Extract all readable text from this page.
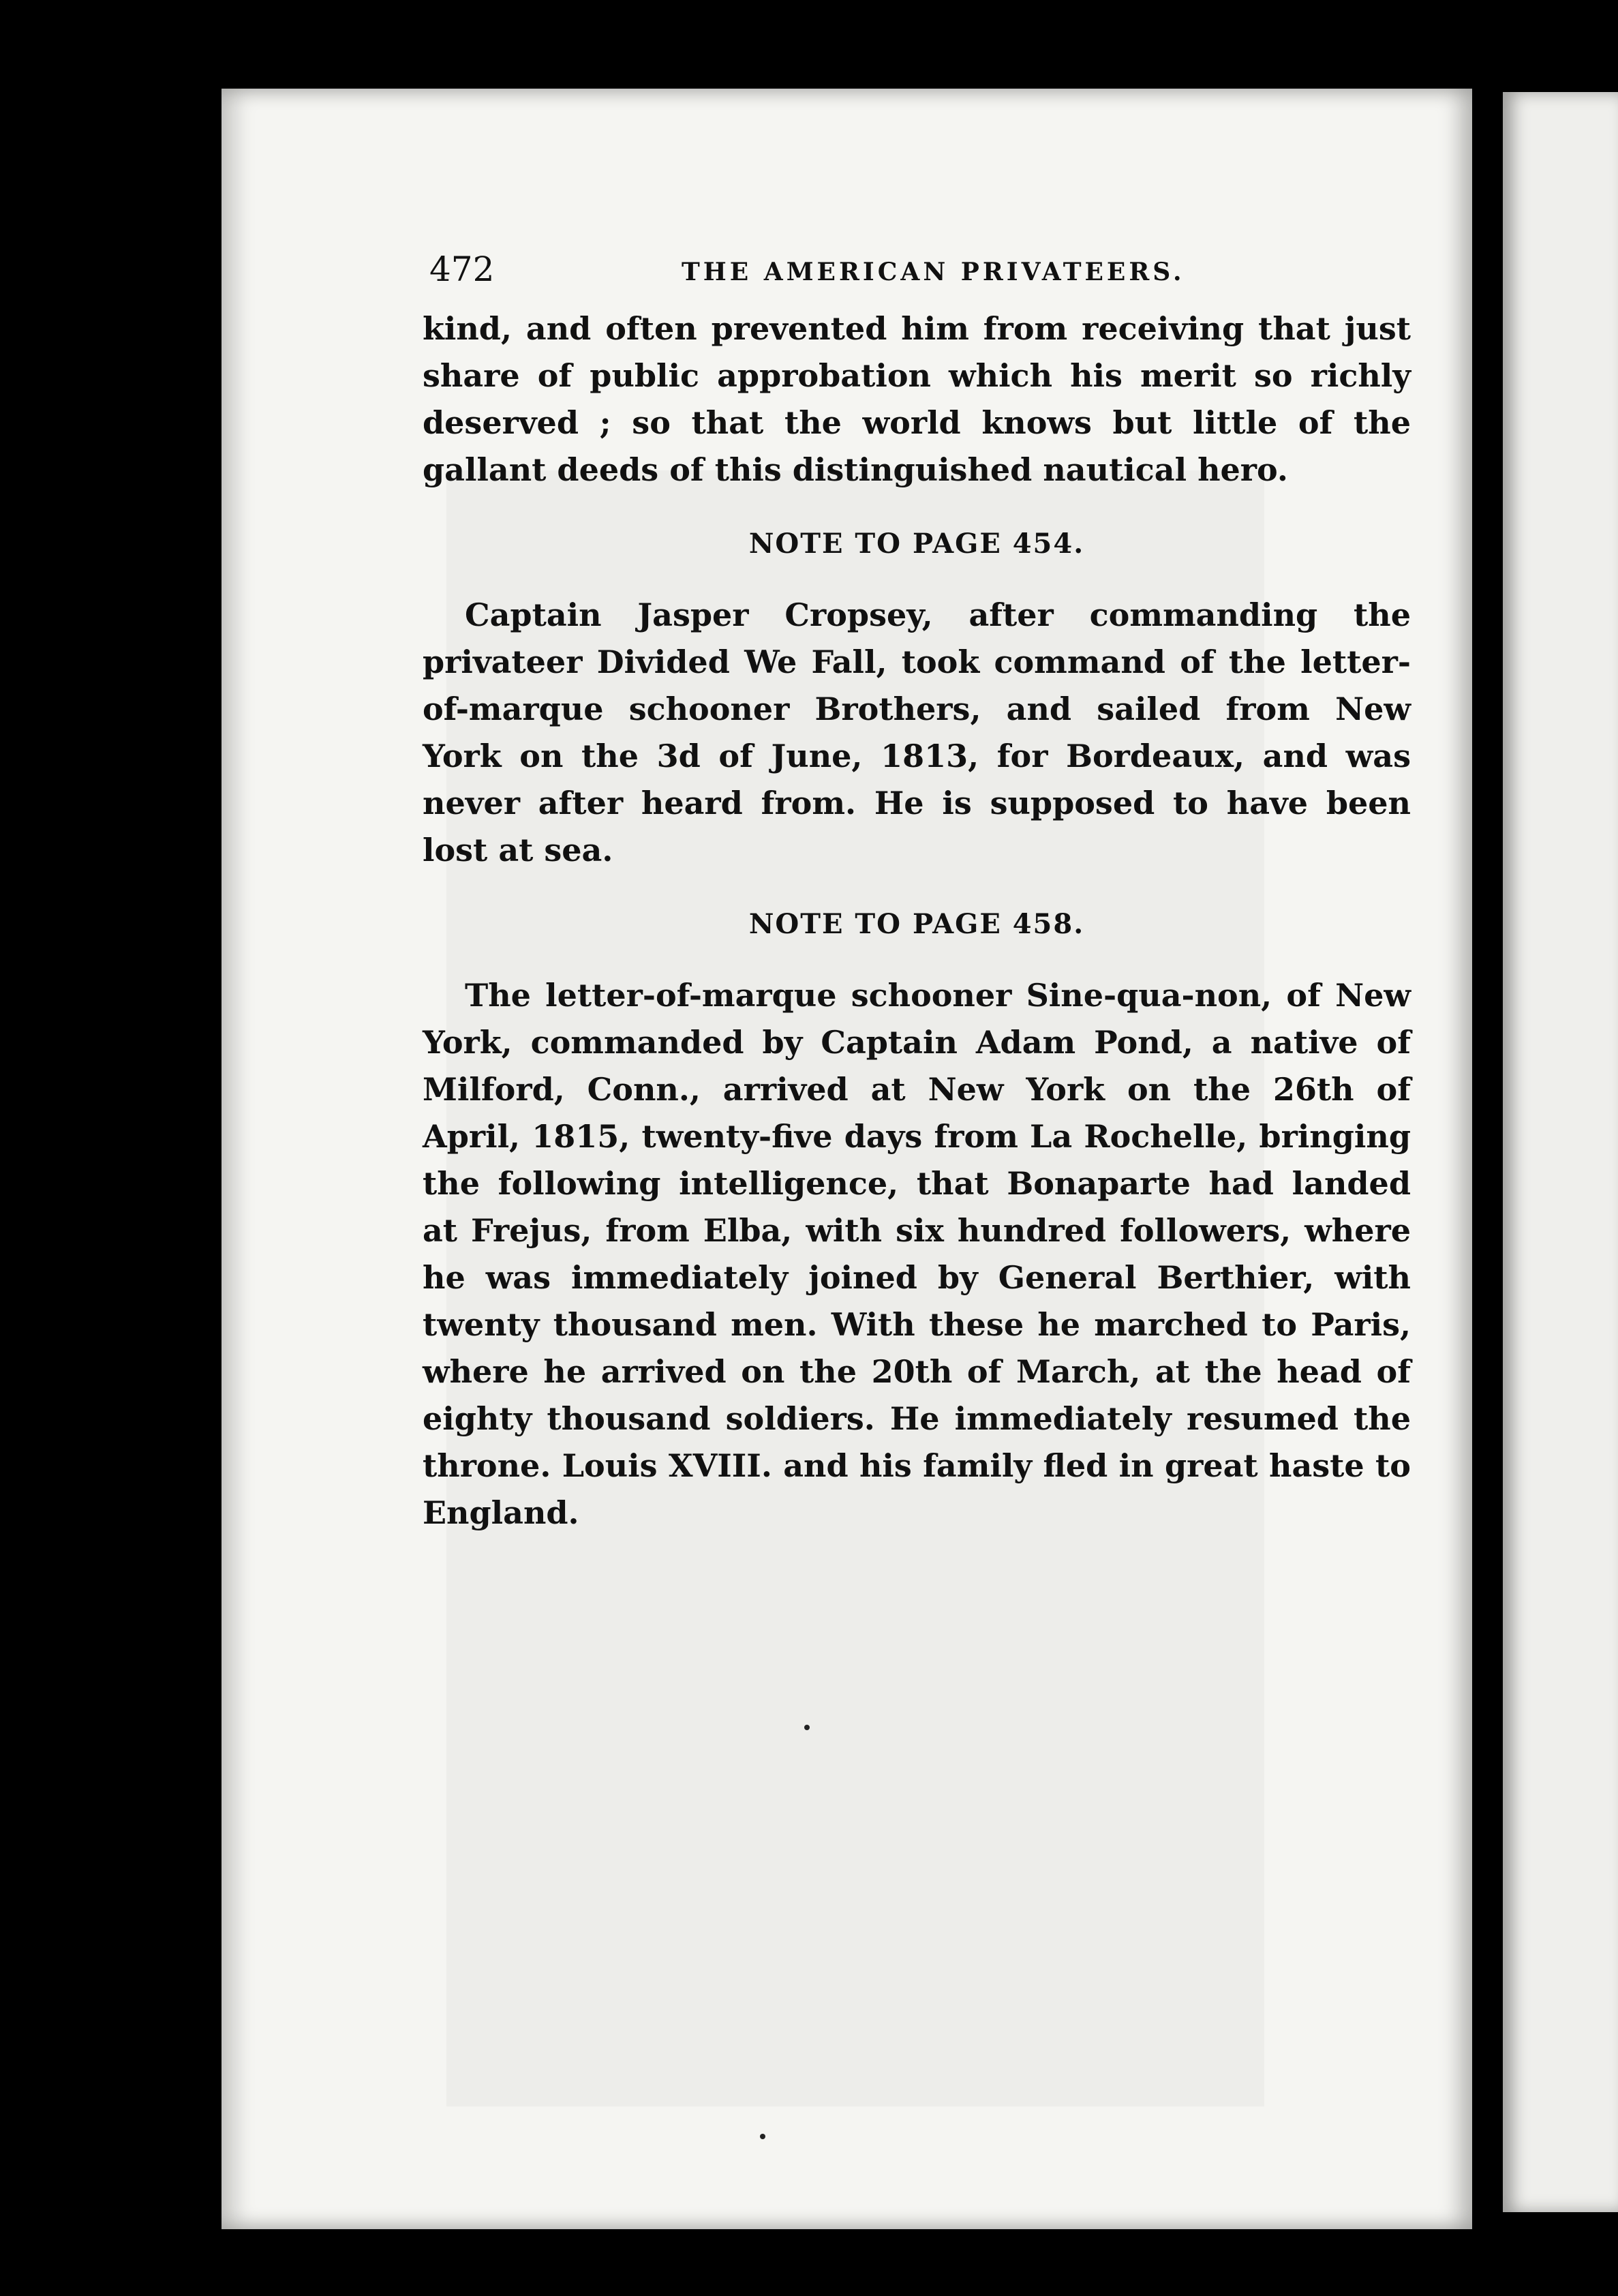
472	THE AMERICAN PRIVATEERS.

kind, and often prevented him from receiving that just share of public approbation which his merit so richly deserved ; so that the world knows but little of the gallant deeds of this distinguished nautical hero.

NOTE TO PAGE 454.

Captain Jasper Cropsey, after commanding the privateer Divided We Fall, took command of the letter-of-marque schooner Brothers, and sailed from New York on the 3d of June, 1813, for Bordeaux, and was never after heard from. He is supposed to have been lost at sea.

NOTE TO PAGE 458.

The letter-of-marque schooner Sine-qua-non, of New York, commanded by Captain Adam Pond, a native of Milford, Conn., arrived at New York on the 26th of April, 1815, twenty-five days from La Rochelle, bringing the following intelligence, that Bonaparte had landed at Frejus, from Elba, with six hundred followers, where he was immediately joined by General Berthier, with twenty thousand men. With these he marched to Paris, where he arrived on the 20th of March, at the head of eighty thousand soldiers. He immediately resumed the throne. Louis XVIII. and his family fled in great haste to England.
